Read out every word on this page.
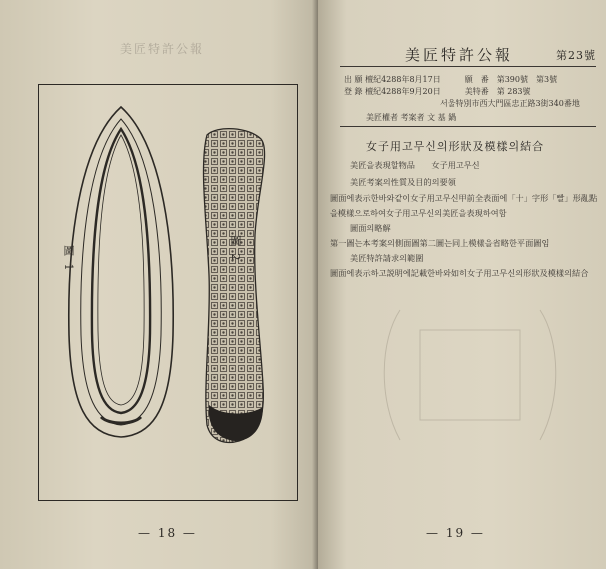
美匠特許公報
圖 1	圖 2
— 18 —
美匠特許公報	第23號
出 願 檀紀4288年8月17日　　　願　番　第390號　第3號
登 錄 檀紀4288年9月20日　　　美特番　第 283號
서울特別市西大門區忠正路3街340番地
美匠權者 考案者 文 基 鍋
女子用고무신의形狀及模樣의結合
美匠을表現할物品　　女子用고무신
美匠考案의性質及目的의要領
圖面에表示한바와같이女子用고무신甲前全表面에「十」字形「빨」形亂點
을模樣으로하여女子用고무신의美匠을表現하여함
圖面의略解
第一圖는本考案의側面圖第二圖는同上模樣을省略한平面圖임
美匠特許請求의範圍
圖面에表示하고説明에記載한바와如히女子用고무신의形狀及模樣의結合
— 19 —
